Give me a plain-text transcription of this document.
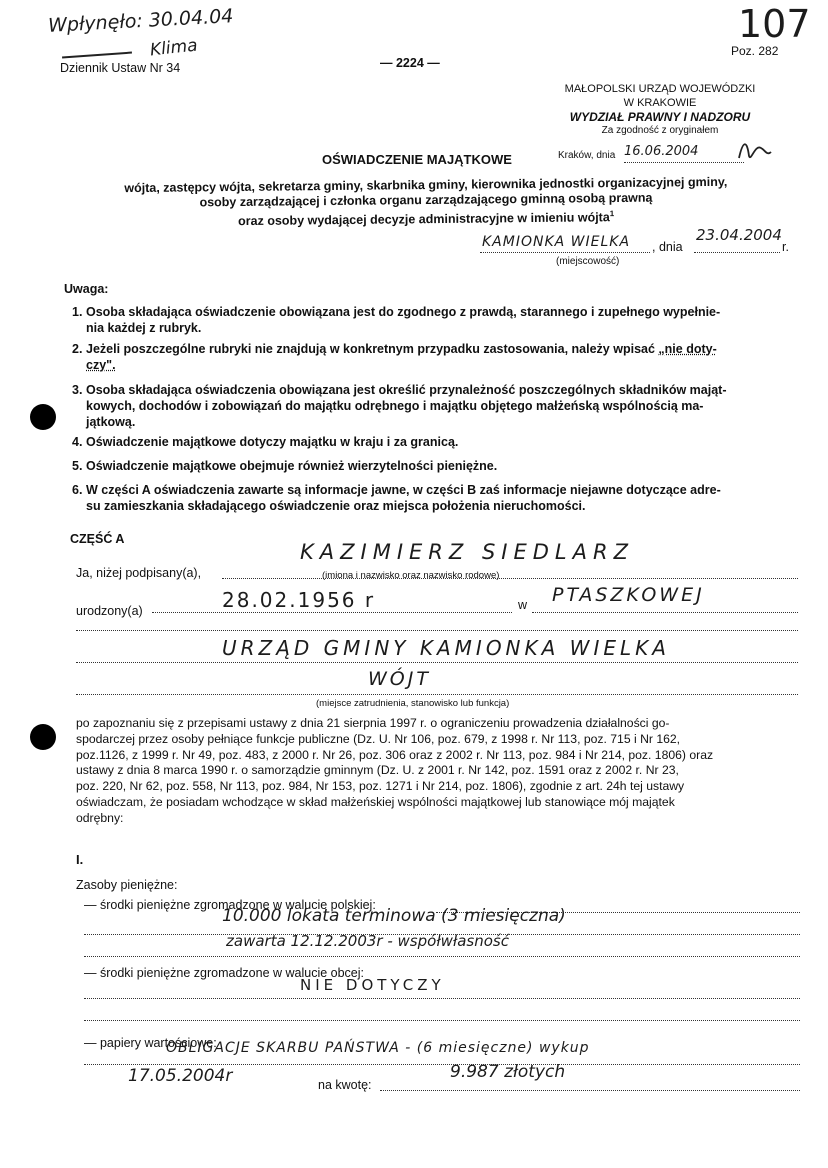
Wpłynęło: 30.04.04
Klima
Dziennik Ustaw Nr 34	— 2224 —
107
Poz. 282
MAŁOPOLSKI URZĄD WOJEWÓDZKI
W KRAKOWIE
WYDZIAŁ PRAWNY I NADZORU
Za zgodność z oryginałem
Kraków, dnia 16.06.2004
OŚWIADCZENIE MAJĄTKOWE
wójta, zastępcy wójta, sekretarza gminy, skarbnika gminy, kierownika jednostki organizacyjnej gminy,
osoby zarządzającej i członka organu zarządzającego gminną osobą prawną
oraz osoby wydającej decyzje administracyjne w imieniu wójta$^1$
KAMIONKA WIELKA , dnia
23.04.2004
r.
(miejscowość)
Uwaga:
1. Osoba składająca oświadczenie obowiązana jest do zgodnego z prawdą, starannego i zupełnego wypełnie-
nia każdej z rubryk.
2. Jeżeli poszczególne rubryki nie znajdują w konkretnym przypadku zastosowania, należy wpisać „nie doty-
czy".
3. Osoba składająca oświadczenia obowiązana jest określić przynależność poszczególnych składników mająt-
kowych, dochodów i zobowiązań do majątku odrębnego i majątku objętego małżeńską wspólnością ma-
jątkową.
4. Oświadczenie majątkowe dotyczy majątku w kraju i za granicą.
5. Oświadczenie majątkowe obejmuje również wierzytelności pieniężne.
6. W części A oświadczenia zawarte są informacje jawne, w części B zaś informacje niejawne dotyczące adre-
su zamieszkania składającego oświadczenie oraz miejsca położenia nieruchomości.
CZĘŚĆ A
Ja, niżej podpisany(a),
KAZIMIERZ SIEDLARZ
(imiona i nazwisko oraz nazwisko rodowe)
urodzony(a)	28.02.1956 r	w PTASZKOWEJ
URZĄD GMINY KAMIONKA WIELKA
WÓJT
(miejsce zatrudnienia, stanowisko lub funkcja)
po zapoznaniu się z przepisami ustawy z dnia 21 sierpnia 1997 r. o ograniczeniu prowadzenia działalności go-
spodarczej przez osoby pełniące funkcje publiczne (Dz. U. Nr 106, poz. 679, z 1998 r. Nr 113, poz. 715 i Nr 162,
poz.1126, z 1999 r. Nr 49, poz. 483, z 2000 r. Nr 26, poz. 306 oraz z 2002 r. Nr 113, poz. 984 i Nr 214, poz. 1806) oraz
ustawy z dnia 8 marca 1990 r. o samorządzie gminnym (Dz. U. z 2001 r. Nr 142, poz. 1591 oraz z 2002 r. Nr 23,
poz. 220, Nr 62, poz. 558, Nr 113, poz. 984, Nr 153, poz. 1271 i Nr 214, poz. 1806), zgodnie z art. 24h tej ustawy
oświadczam, że posiadam wchodzące w skład małżeńskiej wspólności majątkowej lub stanowiące mój majątek
odrębny:
I.
Zasoby pieniężne:
— środki pieniężne zgromadzone w walucie polskiej:
10.000 lokata terminowa (3 miesięczna)
zawarta 12.12.2003r - współwłasność
— środki pieniężne zgromadzone w walucie obcej:
NIE DOTYCZY
— papiery wartościowe:
OBLIGACJE SKARBU PAŃSTWA - (6 miesięczne) wykup
17.05.2004r	na kwotę:
9.987 złotych
